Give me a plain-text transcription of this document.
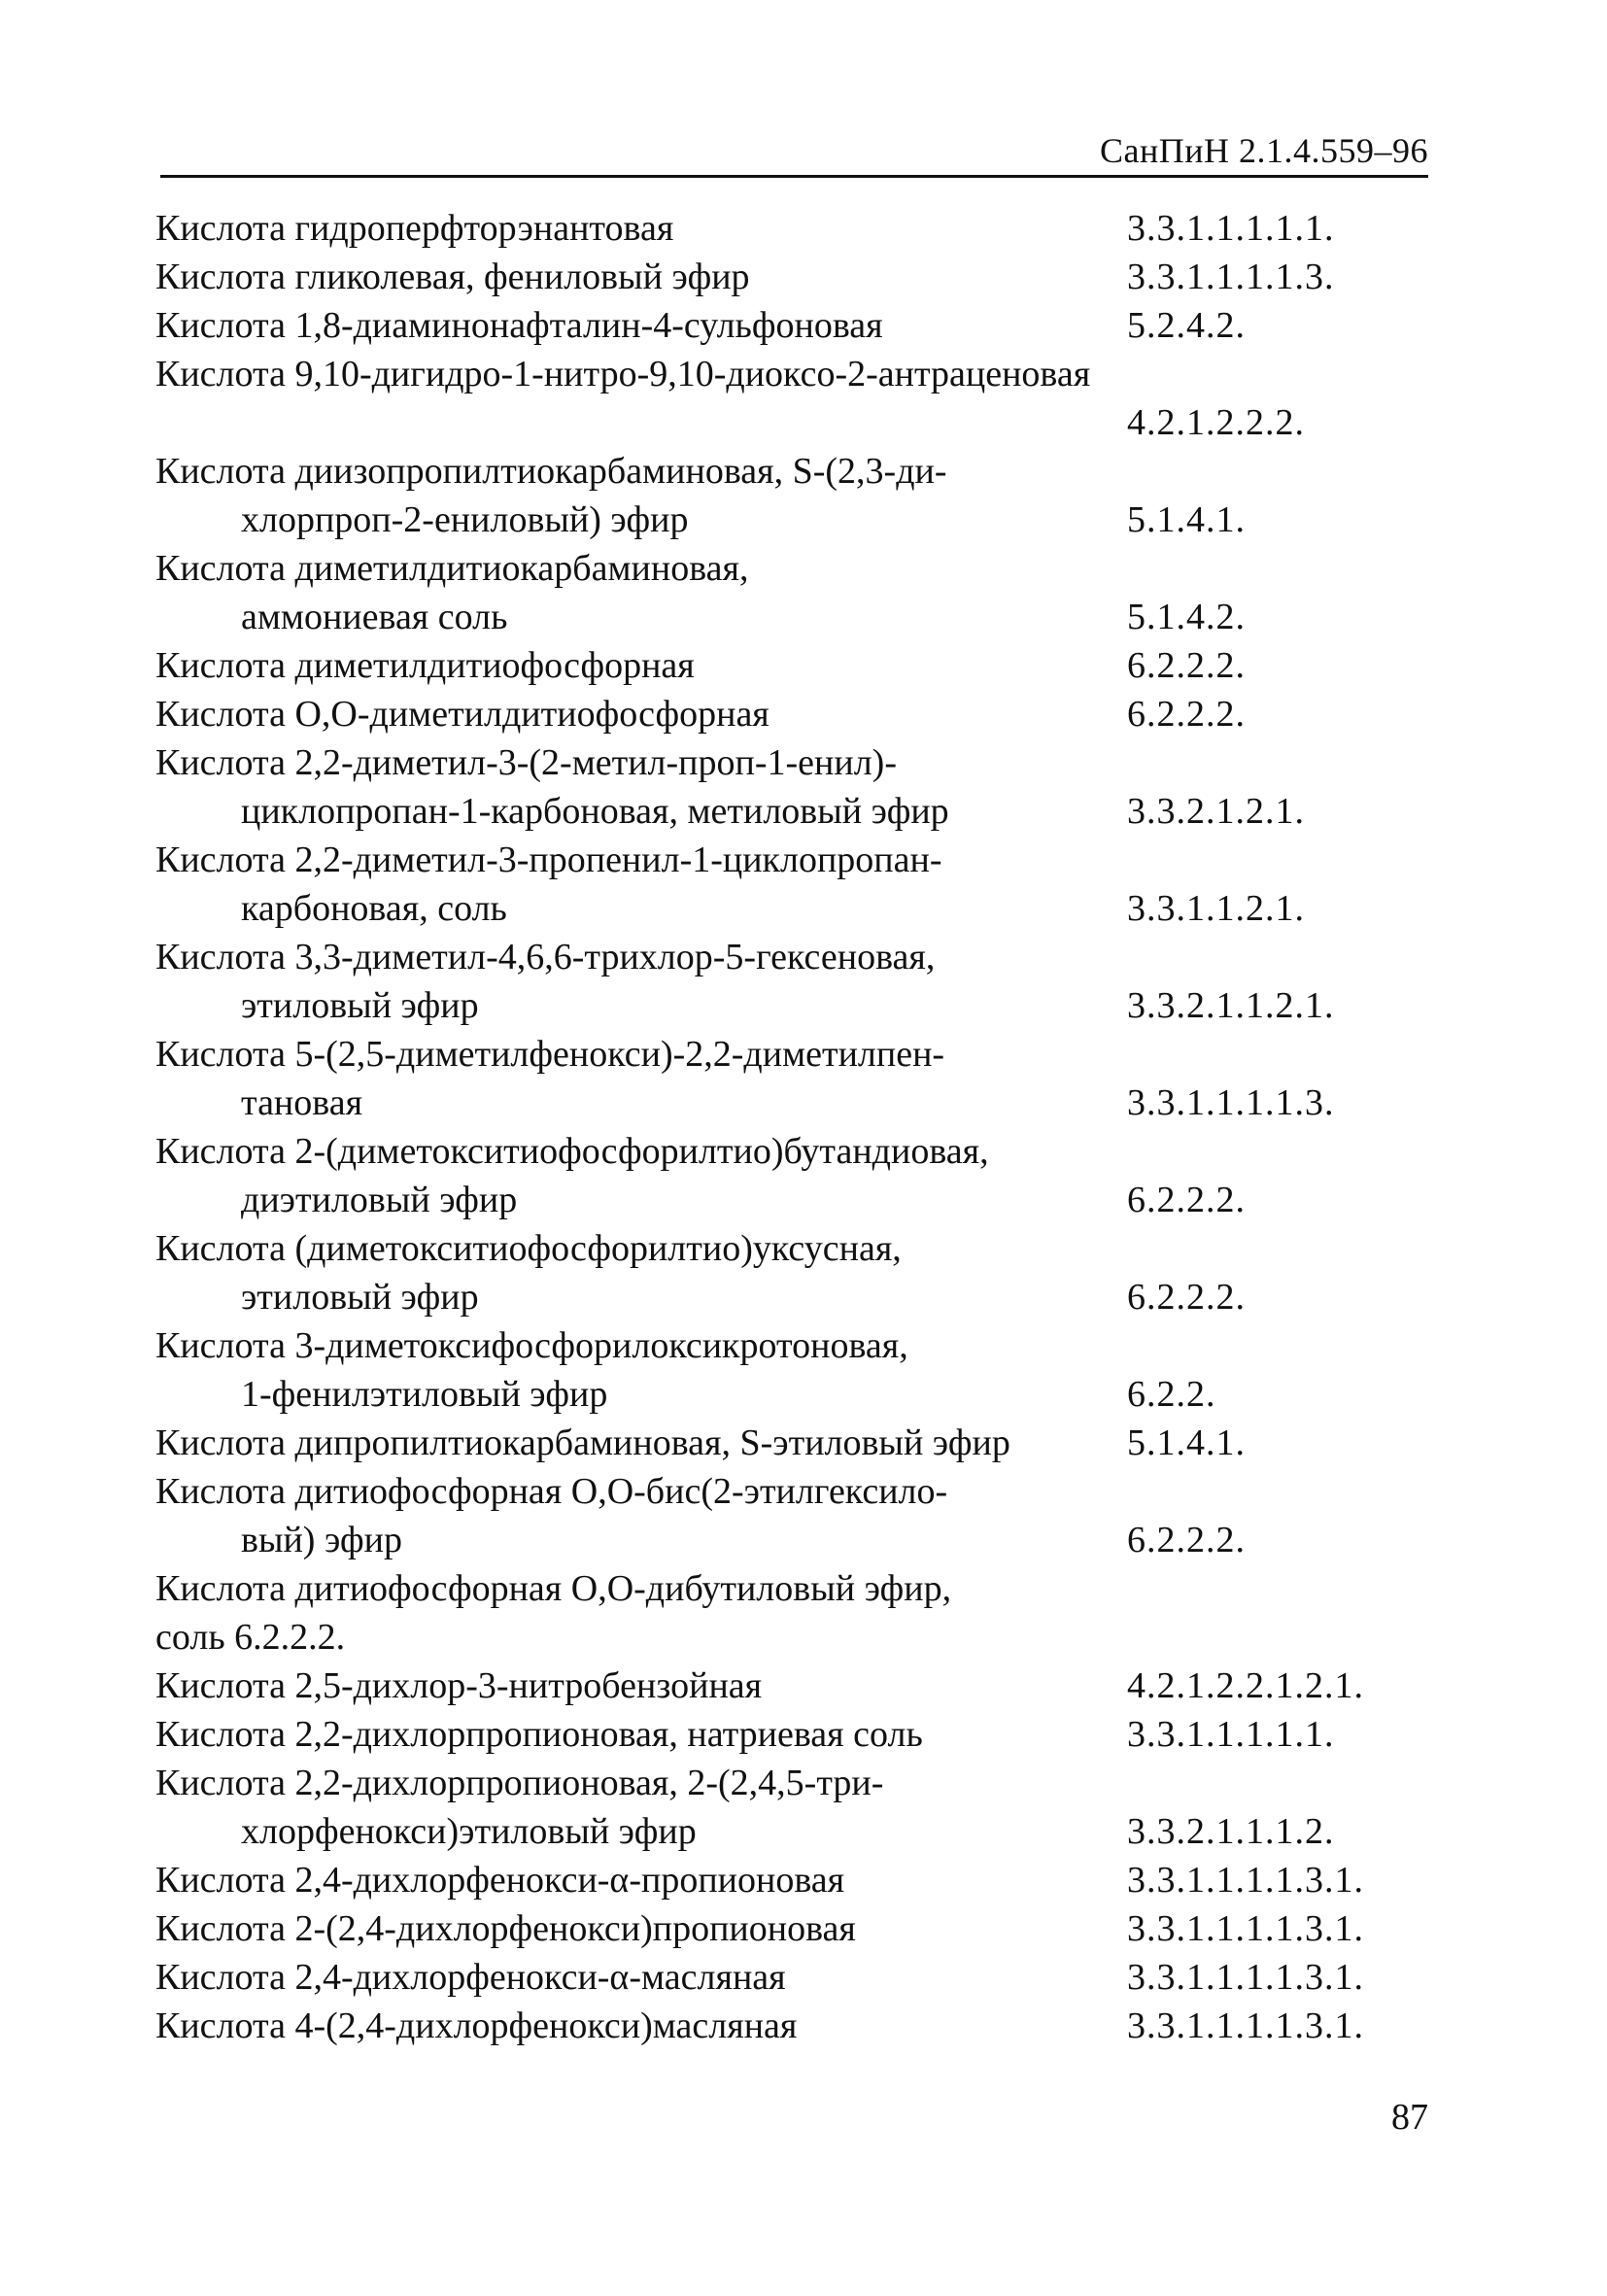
СанПиН 2.1.4.559–96
Кислота гидроперфторэнантовая	3.3.1.1.1.1.1.
Кислота гликолевая, фениловый эфир	3.3.1.1.1.1.3.
Кислота 1,8-диаминонафталин-4-сульфоновая	5.2.4.2.
Кислота 9,10-дигидро-1-нитро-9,10-диоксо-2-антраценовая
4.2.1.2.2.2.
Кислота диизопропилтиокарбаминовая, S-(2,3-ди-
хлорпроп-2-ениловый) эфир	5.1.4.1.
Кислота диметилдитиокарбаминовая,
аммониевая соль	5.1.4.2.
Кислота диметилдитиофосфорная	6.2.2.2.
Кислота О,О-диметилдитиофосфорная	6.2.2.2.
Кислота 2,2-диметил-3-(2-метил-проп-1-енил)-
циклопропан-1-карбоновая, метиловый эфир	3.3.2.1.2.1.
Кислота 2,2-диметил-3-пропенил-1-циклопропан-
карбоновая, соль	3.3.1.1.2.1.
Кислота 3,3-диметил-4,6,6-трихлор-5-гексеновая,
этиловый эфир	3.3.2.1.1.2.1.
Кислота 5-(2,5-диметилфенокси)-2,2-диметилпен-
тановая	3.3.1.1.1.1.3.
Кислота 2-(диметокситиофосфорилтио)бутандиовая,
диэтиловый эфир	6.2.2.2.
Кислота (диметокситиофосфорилтио)уксусная,
этиловый эфир	6.2.2.2.
Кислота 3-диметоксифосфорилоксикротоновая,
1-фенилэтиловый эфир	6.2.2.
Кислота дипропилтиокарбаминовая, S-этиловый эфир	5.1.4.1.
Кислота дитиофосфорная О,О-бис(2-этилгексило-
вый) эфир	6.2.2.2.
Кислота дитиофосфорная О,О-дибутиловый эфир,
соль 6.2.2.2.
Кислота 2,5-дихлор-3-нитробензойная	4.2.1.2.2.1.2.1.
Кислота 2,2-дихлорпропионовая, натриевая соль	3.3.1.1.1.1.1.
Кислота 2,2-дихлорпропионовая, 2-(2,4,5-три-
хлорфенокси)этиловый эфир	3.3.2.1.1.1.2.
Кислота 2,4-дихлорфенокси-α-пропионовая	3.3.1.1.1.1.3.1.
Кислота 2-(2,4-дихлорфенокси)пропионовая	3.3.1.1.1.1.3.1.
Кислота 2,4-дихлорфенокси-α-масляная	3.3.1.1.1.1.3.1.
Кислота 4-(2,4-дихлорфенокси)масляная	3.3.1.1.1.1.3.1.
87
